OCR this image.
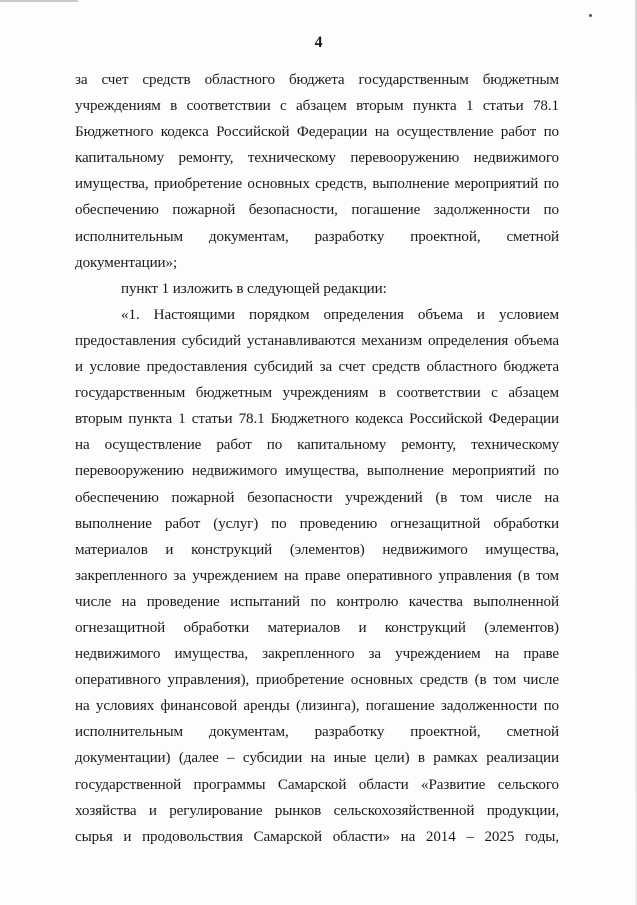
4
за счет средств областного бюджета государственным бюджетным
учреждениям в соответствии с абзацем вторым пункта 1 статьи 78.1
Бюджетного кодекса Российской Федерации на осуществление работ по
капитальному ремонту, техническому перевооружению недвижимого
имущества, приобретение основных средств, выполнение мероприятий по
обеспечению пожарной безопасности, погашение задолженности по
исполнительным документам, разработку проектной, сметной
документации»;
пункт 1 изложить в следующей редакции:
«1. Настоящими порядком определения объема и условием
предоставления субсидий устанавливаются механизм определения объема
и условие предоставления субсидий за счет средств областного бюджета
государственным бюджетным учреждениям в соответствии с абзацем
вторым пункта 1 статьи 78.1 Бюджетного кодекса Российской Федерации
на осуществление работ по капитальному ремонту, техническому
перевооружению недвижимого имущества, выполнение мероприятий по
обеспечению пожарной безопасности учреждений (в том числе на
выполнение работ (услуг) по проведению огнезащитной обработки
материалов и конструкций (элементов) недвижимого имущества,
закрепленного за учреждением на праве оперативного управления (в том
числе на проведение испытаний по контролю качества выполненной
огнезащитной обработки материалов и конструкций (элементов)
недвижимого имущества, закрепленного за учреждением на праве
оперативного управления), приобретение основных средств (в том числе
на условиях финансовой аренды (лизинга), погашение задолженности по
исполнительным документам, разработку проектной, сметной
документации) (далее – субсидии на иные цели) в рамках реализации
государственной программы Самарской области «Развитие сельского
хозяйства и регулирование рынков сельскохозяйственной продукции,
сырья и продовольствия Самарской области» на 2014 – 2025 годы,
